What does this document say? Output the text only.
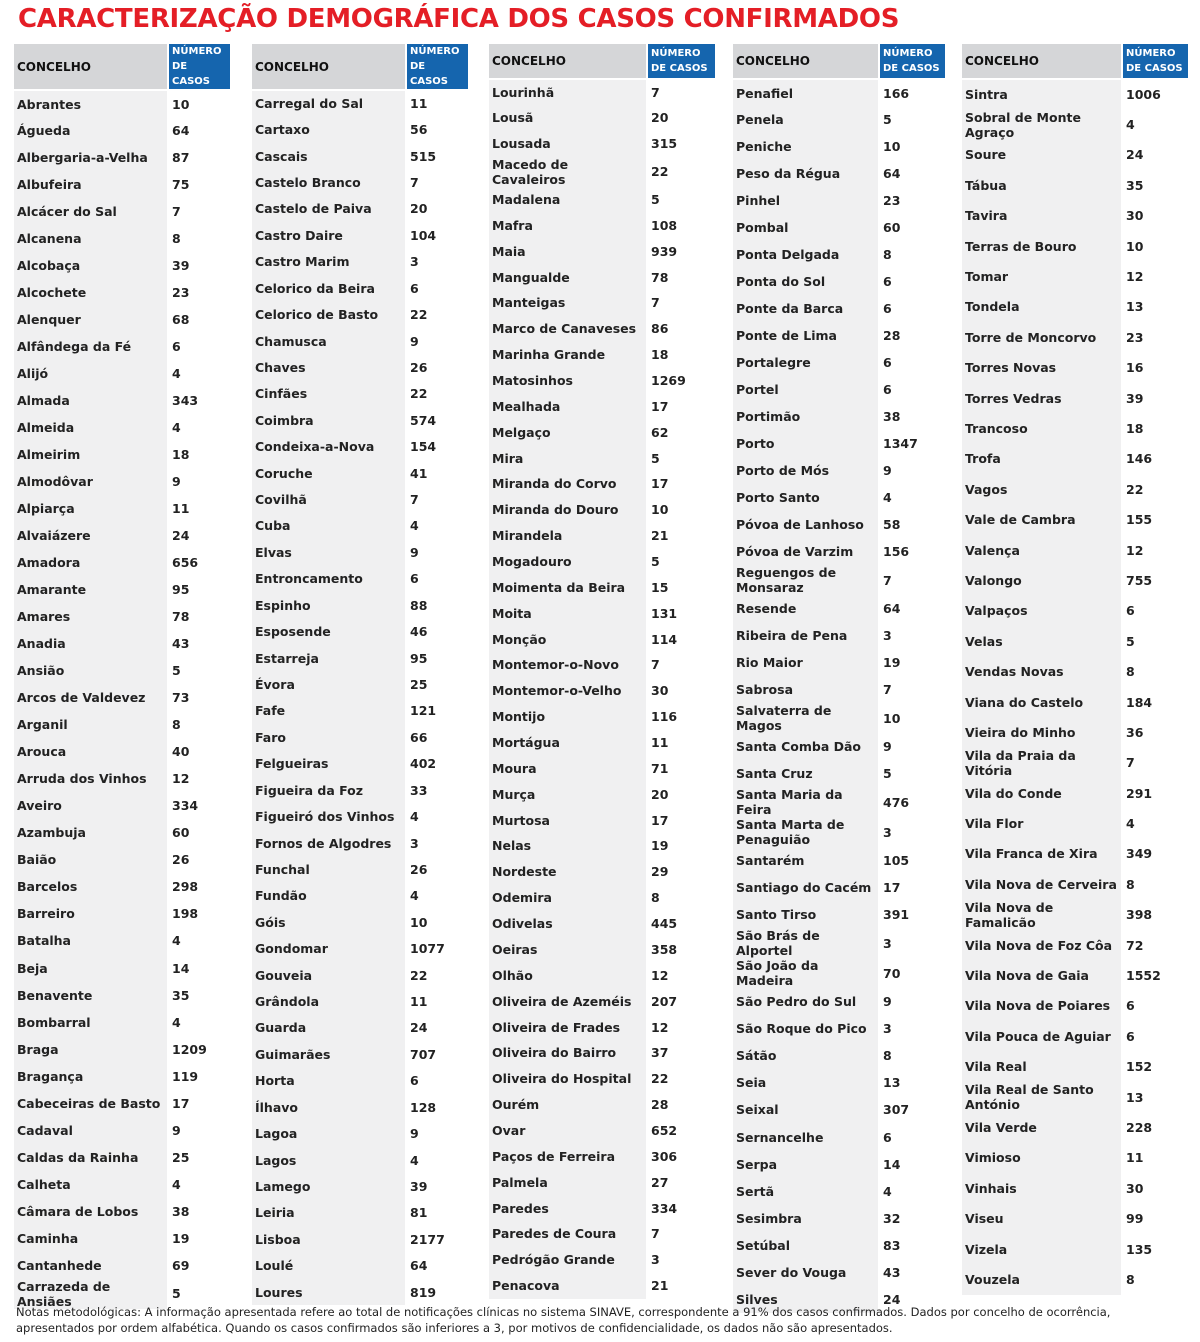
CARACTERIZAÇÃO DEMOGRÁFICA DOS CASOS CONFIRMADOS
CONCELHO	NÚMERO
DE CASOS

Abrantes	10
Águeda	64
Albergaria-a-Velha	87
Albufeira	75
Alcácer do Sal	7
Alcanena	8
Alcobaça	39
Alcochete	23
Alenquer	68
Alfândega da Fé	6
Alijó	4
Almada	343
Almeida	4
Almeirim	18
Almodôvar	9
Alpiarça	11
Alvaiázere	24
Amadora	656
Amarante	95
Amares	78
Anadia	43
Ansião	5
Arcos de Valdevez	73
Arganil	8
Arouca	40
Arruda dos Vinhos	12
Aveiro	334
Azambuja	60
Baião	26
Barcelos	298
Barreiro	198
Batalha	4
Beja	14
Benavente	35
Bombarral	4
Braga	1209
Bragança	119
Cabeceiras de Basto	17
Cadaval	9
Caldas da Rainha	25
Calheta	4
Câmara de Lobos	38
Caminha	19
Cantanhede	69
Carrazeda de Ansiães	5
CONCELHO	NÚMERO
DE CASOS

Carregal do Sal	11
Cartaxo	56
Cascais	515
Castelo Branco	7
Castelo de Paiva	20
Castro Daire	104
Castro Marim	3
Celorico da Beira	6
Celorico de Basto	22
Chamusca	9
Chaves	26
Cinfães	22
Coimbra	574
Condeixa-a-Nova	154
Coruche	41
Covilhã	7
Cuba	4
Elvas	9
Entroncamento	6
Espinho	88
Esposende	46
Estarreja	95
Évora	25
Fafe	121
Faro	66
Felgueiras	402
Figueira da Foz	33
Figueiró dos Vinhos	4
Fornos de Algodres	3
Funchal	26
Fundão	4
Góis	10
Gondomar	1077
Gouveia	22
Grândola	11
Guarda	24
Guimarães	707
Horta	6
Ílhavo	128
Lagoa	9
Lagos	4
Lamego	39
Leiria	81
Lisboa	2177
Loulé	64
Loures	819
CONCELHO	NÚMERO
DE CASOS

Lourinhã	7
Lousã	20
Lousada	315
Macedo de Cavaleiros	22
Madalena	5
Mafra	108
Maia	939
Mangualde	78
Manteigas	7
Marco de Canaveses	86
Marinha Grande	18
Matosinhos	1269
Mealhada	17
Melgaço	62
Mira	5
Miranda do Corvo	17
Miranda do Douro	10
Mirandela	21
Mogadouro	5
Moimenta da Beira	15
Moita	131
Monção	114
Montemor-o-Novo	7
Montemor-o-Velho	30
Montijo	116
Mortágua	11
Moura	71
Murça	20
Murtosa	17
Nelas	19
Nordeste	29
Odemira	8
Odivelas	445
Oeiras	358
Olhão	12
Oliveira de Azeméis	207
Oliveira de Frades	12
Oliveira do Bairro	37
Oliveira do Hospital	22
Ourém	28
Ovar	652
Paços de Ferreira	306
Palmela	27
Paredes	334
Paredes de Coura	7
Pedrógão Grande	3
Penacova	21
CONCELHO	NÚMERO
DE CASOS

Penafiel	166
Penela	5
Peniche	10
Peso da Régua	64
Pinhel	23
Pombal	60
Ponta Delgada	8
Ponta do Sol	6
Ponte da Barca	6
Ponte de Lima	28
Portalegre	6
Portel	6
Portimão	38
Porto	1347
Porto de Mós	9
Porto Santo	4
Póvoa de Lanhoso	58
Póvoa de Varzim	156
Reguengos de Monsaraz	7
Resende	64
Ribeira de Pena	3
Rio Maior	19
Sabrosa	7
Salvaterra de Magos	10
Santa Comba Dão	9
Santa Cruz	5
Santa Maria da Feira	476
Santa Marta de Penaguião	3
Santarém	105
Santiago do Cacém	17
Santo Tirso	391
São Brás de Alportel	3
São João da Madeira	70
São Pedro do Sul	9
São Roque do Pico	3
Sátão	8
Seia	13
Seixal	307
Sernancelhe	6
Serpa	14
Sertã	4
Sesimbra	32
Setúbal	83
Sever do Vouga	43
Silves	24
CONCELHO	NÚMERO
DE CASOS

Sintra	1006
Sobral de Monte Agraço	4
Soure	24
Tábua	35
Tavira	30
Terras de Bouro	10
Tomar	12
Tondela	13
Torre de Moncorvo	23
Torres Novas	16
Torres Vedras	39
Trancoso	18
Trofa	146
Vagos	22
Vale de Cambra	155
Valença	12
Valongo	755
Valpaços	6
Velas	5
Vendas Novas	8
Viana do Castelo	184
Vieira do Minho	36
Vila da Praia da Vitória	7
Vila do Conde	291
Vila Flor	4
Vila Franca de Xira	349
Vila Nova de Cerveira	8
Vila Nova de Famalicão	398
Vila Nova de Foz Côa	72
Vila Nova de Gaia	1552
Vila Nova de Poiares	6
Vila Pouca de Aguiar	6
Vila Real	152
Vila Real de Santo António	13
Vila Verde	228
Vimioso	11
Vinhais	30
Viseu	99
Vizela	135
Vouzela	8
Notas metodológicas: A informação apresentada refere ao total de notificações clínicas no sistema SINAVE, correspondente a 91% dos casos confirmados. Dados por concelho de ocorrência, apresentados por ordem alfabética. Quando os casos confirmados são inferiores a 3, por motivos de confidencialidade, os dados não são apresentados.
